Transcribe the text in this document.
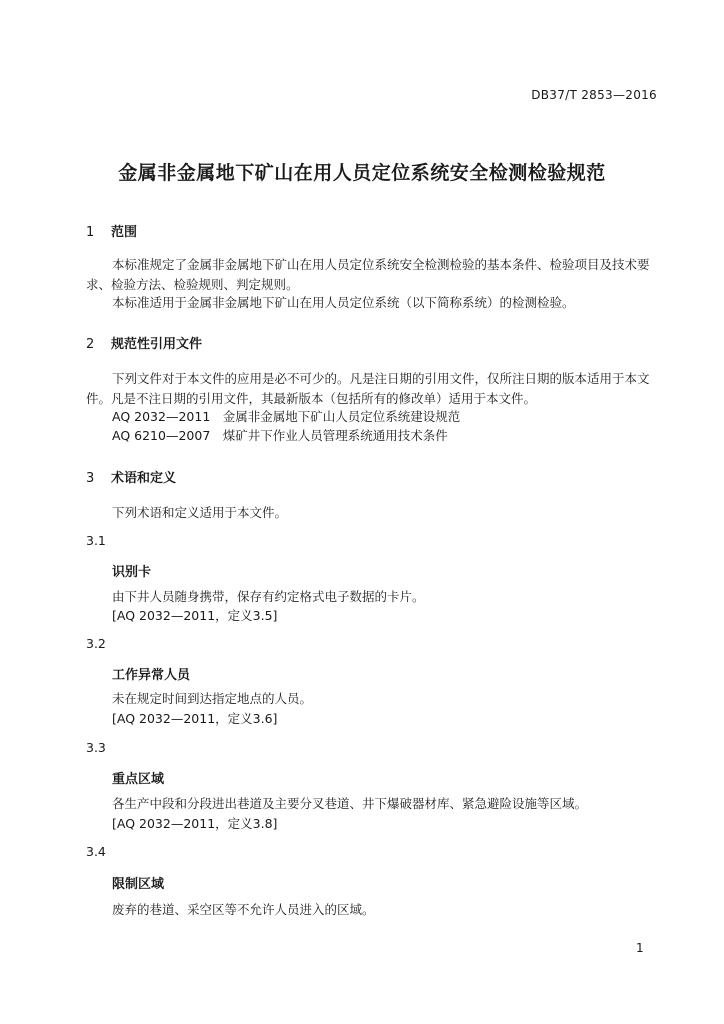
DB37/T 2853—2016
金属非金属地下矿山在用人员定位系统安全检测检验规范
1 范围
本标准规定了金属非金属地下矿山在用人员定位系统安全检测检验的基本条件、检验项目及技术要
求、检验方法、检验规则、判定规则。
本标准适用于金属非金属地下矿山在用人员定位系统（以下简称系统）的检测检验。
2 规范性引用文件
下列文件对于本文件的应用是必不可少的。凡是注日期的引用文件，仅所注日期的版本适用于本文
件。凡是不注日期的引用文件，其最新版本（包括所有的修改单）适用于本文件。
AQ 2032—2011　金属非金属地下矿山人员定位系统建设规范
AQ 6210—2007　煤矿井下作业人员管理系统通用技术条件
3 术语和定义
下列术语和定义适用于本文件。
3.1
识别卡
由下井人员随身携带，保存有约定格式电子数据的卡片。
[AQ 2032—2011，定义3.5]
3.2
工作异常人员
未在规定时间到达指定地点的人员。
[AQ 2032—2011，定义3.6]
3.3
重点区域
各生产中段和分段进出巷道及主要分叉巷道、井下爆破器材库、紧急避险设施等区域。
[AQ 2032—2011，定义3.8]
3.4
限制区域
废弃的巷道、采空区等不允许人员进入的区域。
1
